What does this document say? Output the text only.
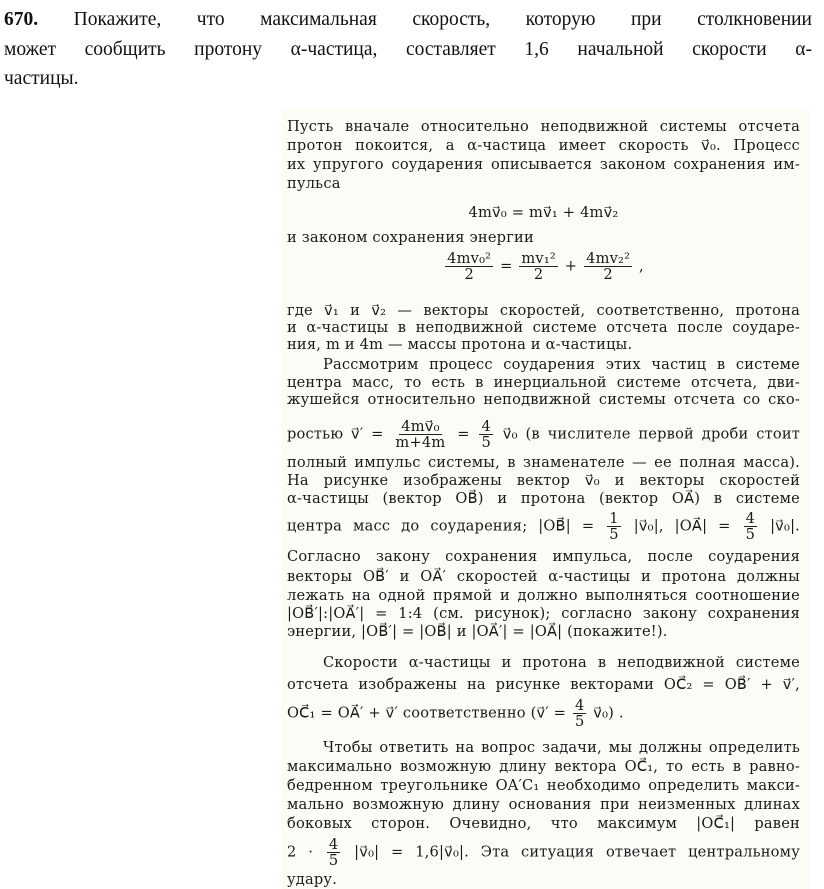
670. Покажите, что максимальная скорость, которую при столкновении
может сообщить протону α-частица, составляет 1,6 начальной скорости α-
частицы.
Пусть вначале относительно неподвижной системы отсчета
протон покоится, а α-частица имеет скорость v⃗₀. Процесс
их упругого соударения описывается законом сохранения им-
пульса
4mv⃗₀ = mv⃗₁ + 4mv⃗₂
и законом сохранения энергии
$\frac{\text{4mv₀²}}{2} = \frac{\text{mv₁²}}{2} + \frac{\text{4mv₂²}}{2}$ ,
где v⃗₁ и v⃗₂ — векторы скоростей, соответственно, протона
и α-частицы в неподвижной системе отсчета после соударе-
ния, m и 4m — массы протона и α-частицы.
Рассмотрим процесс соударения этих частиц в системе
центра масс, то есть в инерциальной системе отсчета, дви-
жушейся относительно неподвижной системы отсчета со ско-
ростью v⃗′ = $\frac{\text{4mv⃗₀}}{m+4m} = \frac{4}{5}$ v⃗₀ (в числителе первой дроби стоит
полный импульс системы, в знаменателе — ее полная масса).
На рисунке изображены вектор v⃗₀ и векторы скоростей
α-частицы (вектор OB⃗) и протона (вектор OA⃗) в системе
центра масс до соударения; |OB⃗| = $\frac{1}{5}$ |v⃗₀|, |OA⃗| = $\frac{4}{5}$ |v⃗₀|.
Согласно закону сохранения импульса, после соударения
векторы OB⃗′ и OA⃗′ скоростей α-частицы и протона должны
лежать на одной прямой и должно выполняться соотношение
|OB⃗′|:|OA⃗′| = 1:4 (см. рисунок); согласно закону сохранения
энергии, |OB⃗′| = |OB⃗| и |OA⃗′| = |OA⃗| (покажите!).
Скорости α-частицы и протона в неподвижной системе
отсчета изображены на рисунке векторами OC⃗₂ = OB⃗′ + v⃗′,
OC⃗₁ = OA⃗′ + v⃗′ соответственно (v⃗′ = $\frac{4}{5}$ v⃗₀) .
Чтобы ответить на вопрос задачи, мы должны определить
максимально возможную длину вектора OC⃗₁, то есть в равно-
бедренном треугольнике OA′C₁ необходимо определить макси-
мально возможную длину основания при неизменных длинах
боковых сторон. Очевидно, что максимум |OC⃗₁| равен
$2 \cdot \frac{4}{5}$ |v⃗₀| = 1,6|v⃗₀|. Эта ситуация отвечает центральному
удару.
